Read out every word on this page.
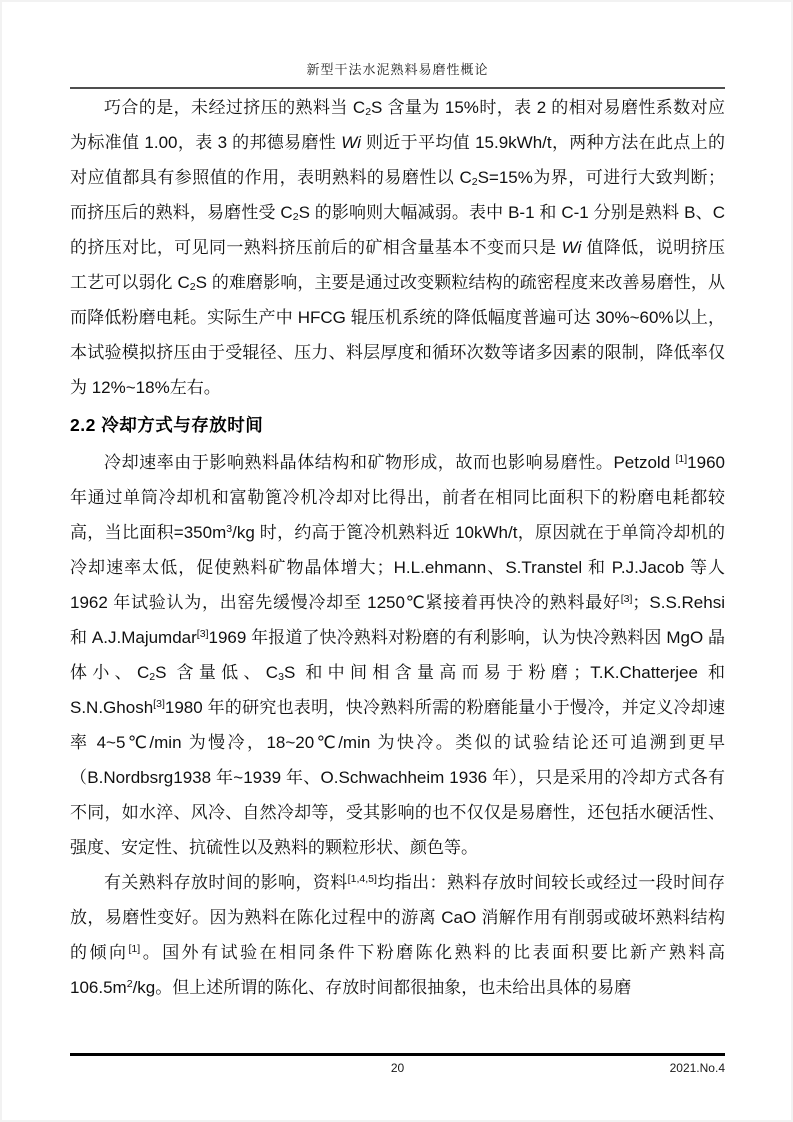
新型干法水泥熟料易磨性概论

巧合的是，未经过挤压的熟料当 $C_2S$ 含量为 15%时，表 2 的相对易磨性系数对应为标准值 1.00，表 3 的邦德易磨性 Wi 则近于平均值 15.9kWh/t，两种方法在此点上的对应值都具有参照值的作用，表明熟料的易磨性以 $C_2S=15\%$为界，可进行大致判断；而挤压后的熟料，易磨性受 $C_2S$ 的影响则大幅减弱。表中 B-1 和 C-1 分别是熟料 B、C 的挤压对比，可见同一熟料挤压前后的矿相含量基本不变而只是 Wi 值降低，说明挤压工艺可以弱化 $C_2S$ 的难磨影响，主要是通过改变颗粒结构的疏密程度来改善易磨性，从而降低粉磨电耗。实际生产中 HFCG 辊压机系统的降低幅度普遍可达 30%~60%以上，本试验模拟挤压由于受辊径、压力、料层厚度和循环次数等诸多因素的限制，降低率仅为 12%~18%左右。

2.2 冷却方式与存放时间

冷却速率由于影响熟料晶体结构和矿物形成，故而也影响易磨性。Petzold [1]1960 年通过单筒冷却机和富勒篦冷机冷却对比得出，前者在相同比面积下的粉磨电耗都较高，当比面积$=350m^3/kg$ 时，约高于篦冷机熟料近 10kWh/t，原因就在于单筒冷却机的冷却速率太低，促使熟料矿物晶体增大；H.L.ehmann、S.Transtel 和 P.J.Jacob 等人 1962 年试验认为，出窑先缓慢冷却至 1250℃紧接着再快冷的熟料最好[3]；S.S.Rehsi 和 A.J.Majumdar[3]1969 年报道了快冷熟料对粉磨的有利影响，认为快冷熟料因 MgO 晶体小、$C_2S$ 含量低、$C_3S$ 和中间相含量高而易于粉磨；T.K.Chatterjee 和 S.N.Ghosh[3]1980 年的研究也表明，快冷熟料所需的粉磨能量小于慢冷，并定义冷却速率 4~5℃/min 为慢冷，18~20℃/min 为快冷。类似的试验结论还可追溯到更早（B.Nordbsrg1938 年~1939 年、O.Schwachheim 1936 年），只是采用的冷却方式各有不同，如水淬、风冷、自然冷却等，受其影响的也不仅仅是易磨性，还包括水硬活性、强度、安定性、抗硫性以及熟料的颗粒形状、颜色等。

有关熟料存放时间的影响，资料[1,4,5]均指出：熟料存放时间较长或经过一段时间存放，易磨性变好。因为熟料在陈化过程中的游离 CaO 消解作用有削弱或破坏熟料结构的倾向[1]。国外有试验在相同条件下粉磨陈化熟料的比表面积要比新产熟料高 $106.5m^2/kg$。但上述所谓的陈化、存放时间都很抽象，也未给出具体的易磨

20	2021.No.4
